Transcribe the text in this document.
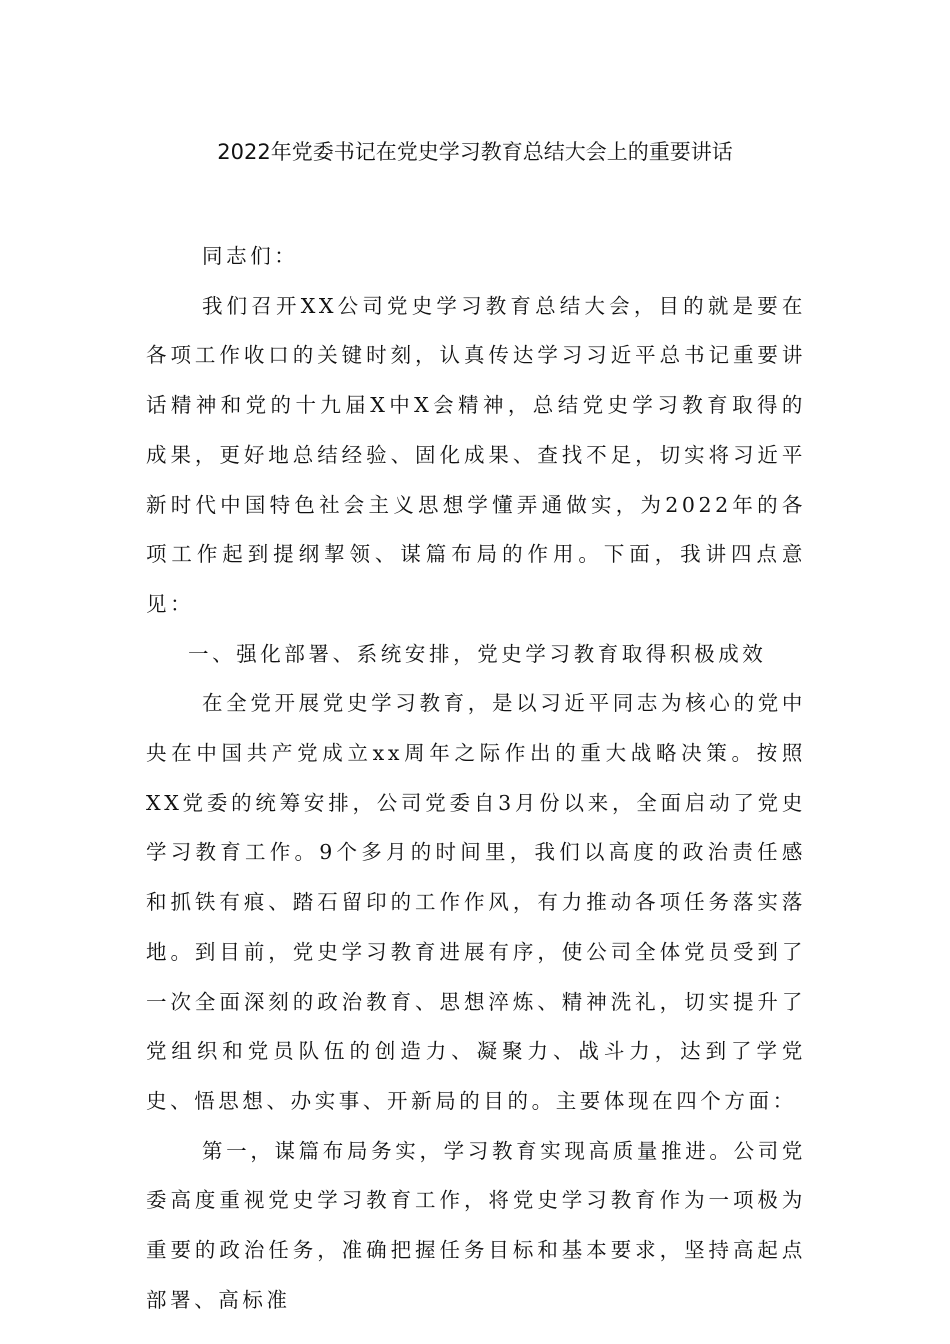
2022年党委书记在党史学习教育总结大会上的重要讲话

同志们：

我们召开XX公司党史学习教育总结大会，目的就是要在各项工作收口的关键时刻，认真传达学习习近平总书记重要讲话精神和党的十九届X中X会精神，总结党史学习教育取得的成果，更好地总结经验、固化成果、查找不足，切实将习近平新时代中国特色社会主义思想学懂弄通做实，为2022年的各项工作起到提纲挈领、谋篇布局的作用。下面，我讲四点意见：

一、强化部署、系统安排，党史学习教育取得积极成效

在全党开展党史学习教育，是以习近平同志为核心的党中央在中国共产党成立xx周年之际作出的重大战略决策。按照XX党委的统筹安排，公司党委自3月份以来，全面启动了党史学习教育工作。9个多月的时间里，我们以高度的政治责任感和抓铁有痕、踏石留印的工作作风，有力推动各项任务落实落地。到目前，党史学习教育进展有序，使公司全体党员受到了一次全面深刻的政治教育、思想淬炼、精神洗礼，切实提升了党组织和党员队伍的创造力、凝聚力、战斗力，达到了学党史、悟思想、办实事、开新局的目的。主要体现在四个方面：

第一，谋篇布局务实，学习教育实现高质量推进。公司党委高度重视党史学习教育工作，将党史学习教育作为一项极为重要的政治任务，准确把握任务目标和基本要求，坚持高起点部署、高标准
